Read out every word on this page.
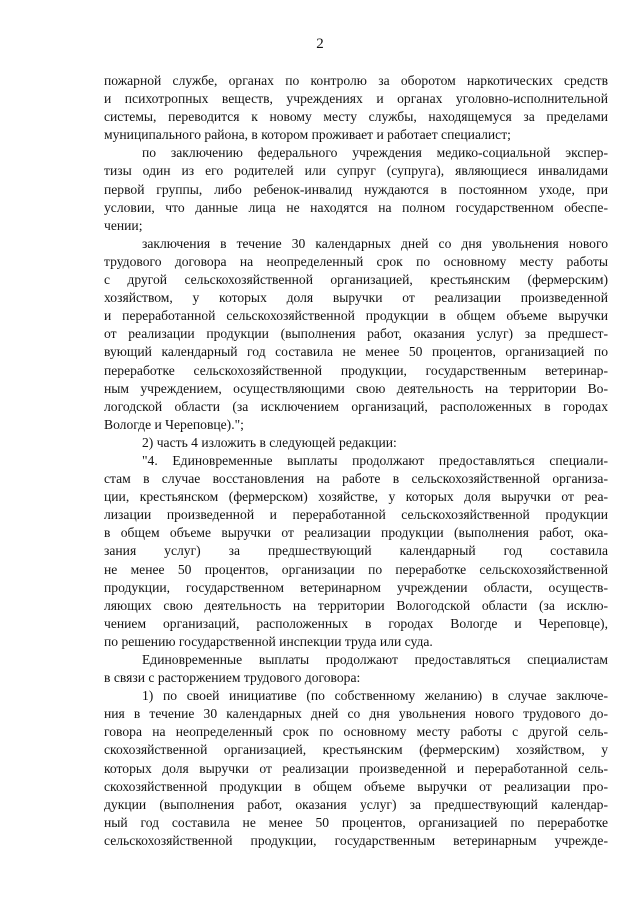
2
пожарной службе, органах по контролю за оборотом наркотических средств
и психотропных веществ, учреждениях и органах уголовно-исполнительной
системы, переводится к новому месту службы, находящемуся за пределами
муниципального района, в котором проживает и работает специалист;
по заключению федерального учреждения медико-социальной экспер-
тизы один из его родителей или супруг (супруга), являющиеся инвалидами
первой группы, либо ребенок-инвалид нуждаются в постоянном уходе, при
условии, что данные лица не находятся на полном государственном обеспе-
чении;
заключения в течение 30 календарных дней со дня увольнения нового
трудового договора на неопределенный срок по основному месту работы
с другой сельскохозяйственной организацией, крестьянским (фермерским)
хозяйством, у которых доля выручки от реализации произведенной
и переработанной сельскохозяйственной продукции в общем объеме выручки
от реализации продукции (выполнения работ, оказания услуг) за предшест-
вующий календарный год составила не менее 50 процентов, организацией по
переработке сельскохозяйственной продукции, государственным ветеринар-
ным учреждением, осуществляющими свою деятельность на территории Во-
логодской области (за исключением организаций, расположенных в городах
Вологде и Череповце).";
2) часть 4 изложить в следующей редакции:
"4. Единовременные выплаты продолжают предоставляться специали-
стам в случае восстановления на работе в сельскохозяйственной организа-
ции, крестьянском (фермерском) хозяйстве, у которых доля выручки от реа-
лизации произведенной и переработанной сельскохозяйственной продукции
в общем объеме выручки от реализации продукции (выполнения работ, ока-
зания услуг) за предшествующий календарный год составила
не менее 50 процентов, организации по переработке сельскохозяйственной
продукции, государственном ветеринарном учреждении области, осуществ-
ляющих свою деятельность на территории Вологодской области (за исклю-
чением организаций, расположенных в городах Вологде и Череповце),
по решению государственной инспекции труда или суда.
Единовременные выплаты продолжают предоставляться специалистам
в связи с расторжением трудового договора:
1) по своей инициативе (по собственному желанию) в случае заключе-
ния в течение 30 календарных дней со дня увольнения нового трудового до-
говора на неопределенный срок по основному месту работы с другой сель-
скохозяйственной организацией, крестьянским (фермерским) хозяйством, у
которых доля выручки от реализации произведенной и переработанной сель-
скохозяйственной продукции в общем объеме выручки от реализации про-
дукции (выполнения работ, оказания услуг) за предшествующий календар-
ный год составила не менее 50 процентов, организацией по переработке
сельскохозяйственной продукции, государственным ветеринарным учрежде-
